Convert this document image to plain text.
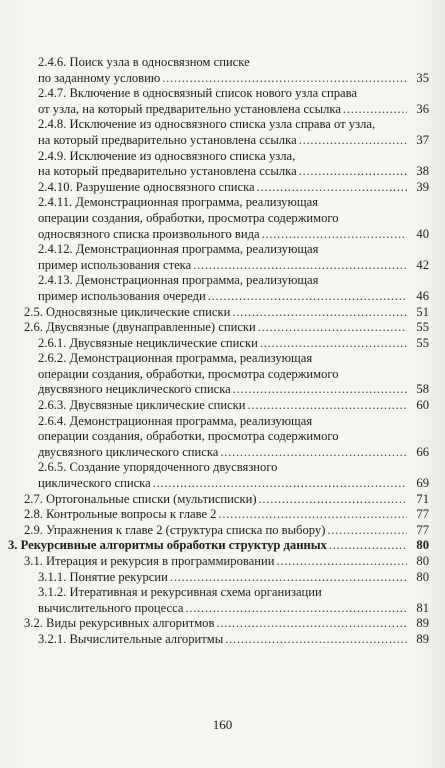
2.4.6. Поиск узла в односвязном списке
по заданному условию . . .	35
2.4.7. Включение в односвязный список нового узла справа
от узла, на который предварительно установлена ссылка . . .	36
2.4.8. Исключение из односвязного списка узла справа от узла,
на который предварительно установлена ссылка . . .	37
2.4.9. Исключение из односвязного списка узла,
на который предварительно установлена ссылка . . .	38
2.4.10. Разрушение односвязного списка . . .	39
2.4.11. Демонстрационная программа, реализующая
операции создания, обработки, просмотра содержимого
односвязного списка произвольного вида . . .	40
2.4.12. Демонстрационная программа, реализующая
пример использования стека . . .	42
2.4.13. Демонстрационная программа, реализующая
пример использования очереди . . .	46
2.5. Односвязные циклические списки . . .	51
2.6. Двусвязные (двунаправленные) списки . . .	55
2.6.1. Двусвязные нециклические списки . . .	55
2.6.2. Демонстрационная программа, реализующая
операции создания, обработки, просмотра содержимого
двусвязного нециклического списка . . .	58
2.6.3. Двусвязные циклические списки . . .	60
2.6.4. Демонстрационная программа, реализующая
операции создания, обработки, просмотра содержимого
двусвязного циклического списка . . .	66
2.6.5. Создание упорядоченного двусвязного
циклического списка . . .	69
2.7. Ортогональные списки (мультисписки) . . .	71
2.8. Контрольные вопросы к главе 2 . . .	77
2.9. Упражнения к главе 2 (структура списка по выбору) . . .	77
3. Рекурсивные алгоритмы обработки структур данных . . .	80
3.1. Итерация и рекурсия в программировании . . .	80
3.1.1. Понятие рекурсии . . .	80
3.1.2. Итеративная и рекурсивная схема организации
вычислительного процесса . . .	81
3.2. Виды рекурсивных алгоритмов . . .	89
3.2.1. Вычислительные алгоритмы . . .	89
160
